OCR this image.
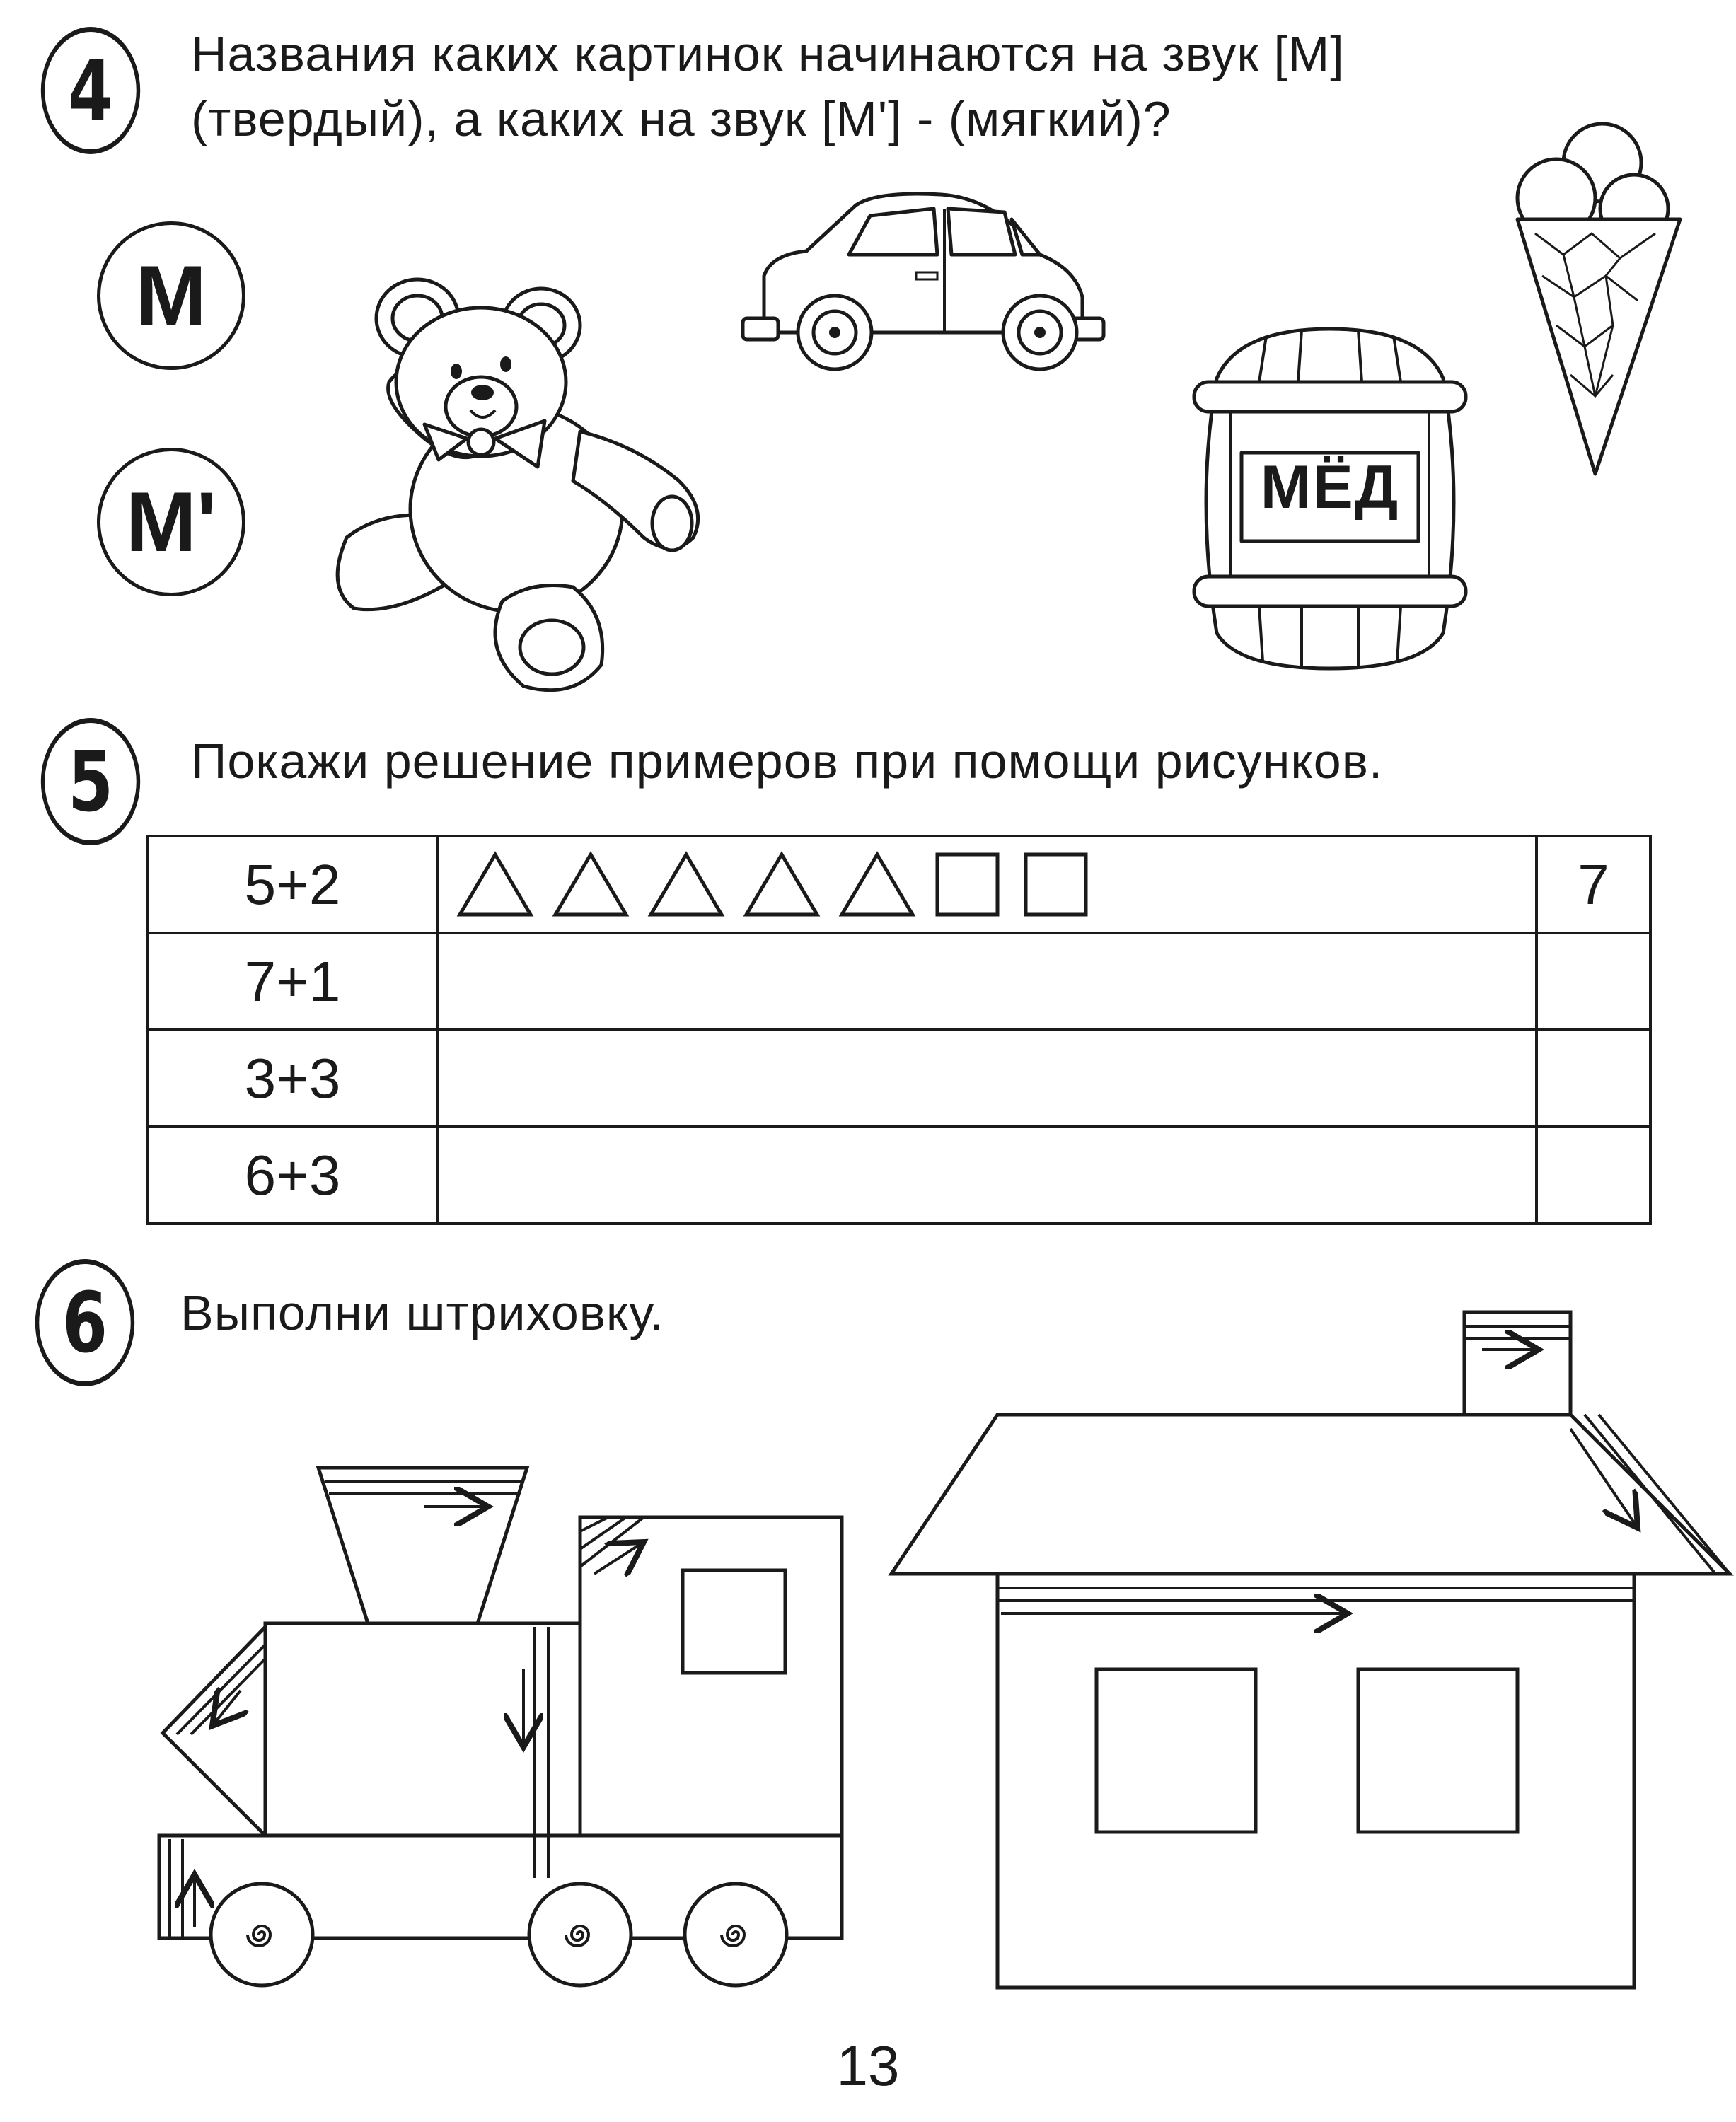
4	Названия каких картинок начинаются на звук [М]
(твердый), а каких на звук [М'] - (мягкий)?
М
М'	МЁД
5	Покажи решение примеров при помощи рисунков.
5+2		7
7+1		
3+3		
6+3		
6	Выполни штриховку.
13
